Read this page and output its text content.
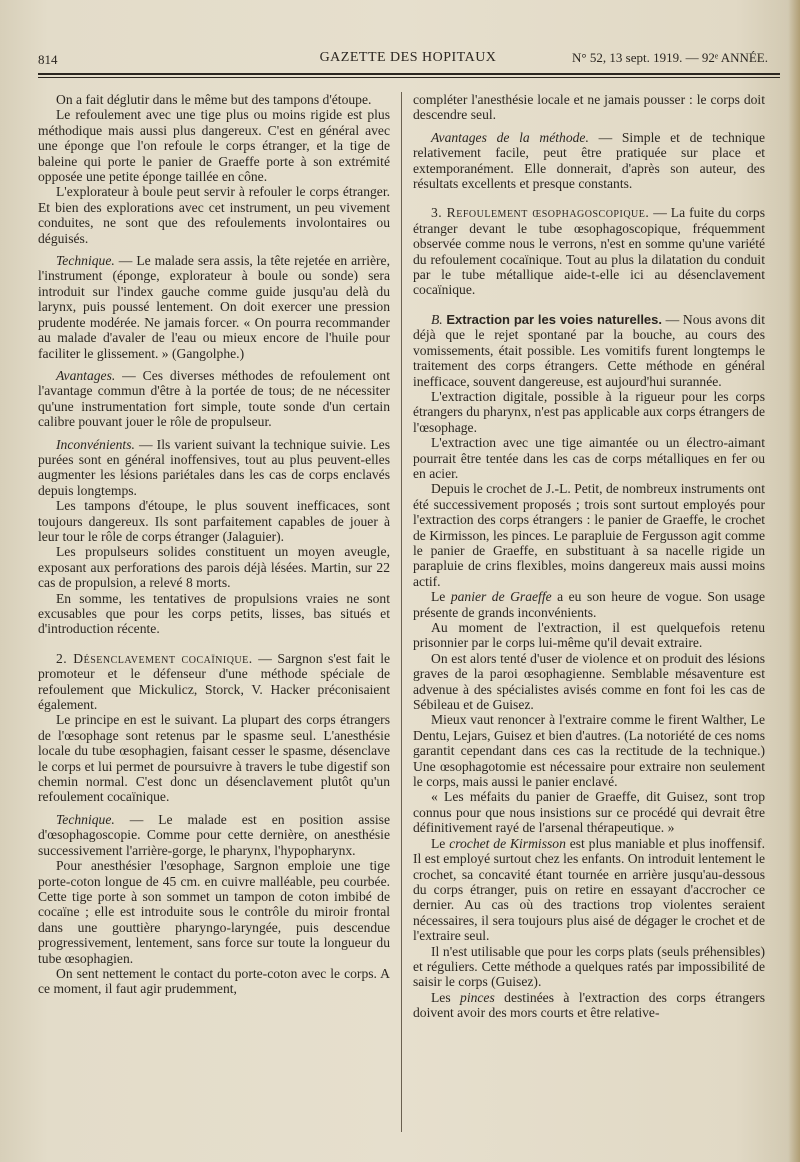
814	GAZETTE DES HOPITAUX	N° 52, 13 sept. 1919. — 92ᵉ ANNÉE.

On a fait déglutir dans le même but des tampons d'étoupe.

Le refoulement avec une tige plus ou moins rigide est plus méthodique mais aussi plus dangereux. C'est en général avec une éponge que l'on refoule le corps étranger, et la tige de baleine qui porte le panier de Graeffe porte à son extrémité opposée une petite éponge taillée en cône.

L'explorateur à boule peut servir à refouler le corps étranger. Et bien des explorations avec cet instrument, un peu vivement conduites, ne sont que des refoulements involontaires ou déguisés.

Technique. — Le malade sera assis, la tête rejetée en arrière, l'instrument (éponge, explorateur à boule ou sonde) sera introduit sur l'index gauche comme guide jusqu'au delà du larynx, puis poussé lentement. On doit exercer une pression prudente modérée. Ne jamais forcer. « On pourra recommander au malade d'avaler de l'eau ou mieux encore de l'huile pour faciliter le glissement. » (Gangolphe.)

Avantages. — Ces diverses méthodes de refoulement ont l'avantage commun d'être à la portée de tous; de ne nécessiter qu'une instrumentation fort simple, toute sonde d'un certain calibre pouvant jouer le rôle de propulseur.

Inconvénients. — Ils varient suivant la technique suivie. Les purées sont en général inoffensives, tout au plus peuvent-elles augmenter les lésions pariétales dans les cas de corps enclavés depuis longtemps.

Les tampons d'étoupe, le plus souvent inefficaces, sont toujours dangereux. Ils sont parfaitement capables de jouer à leur tour le rôle de corps étranger (Jalaguier).

Les propulseurs solides constituent un moyen aveugle, exposant aux perforations des parois déjà lésées. Martin, sur 22 cas de propulsion, a relevé 8 morts.

En somme, les tentatives de propulsions vraies ne sont excusables que pour les corps petits, lisses, bas situés et d'introduction récente.

2. Désenclavement cocaïnique. — Sargnon s'est fait le promoteur et le défenseur d'une méthode spéciale de refoulement que Mickulicz, Storck, V. Hacker préconisaient également.

Le principe en est le suivant. La plupart des corps étrangers de l'œsophage sont retenus par le spasme seul. L'anesthésie locale du tube œsophagien, faisant cesser le spasme, désenclave le corps et lui permet de poursuivre à travers le tube digestif son chemin normal. C'est donc un désenclavement plutôt qu'un refoulement cocaïnique.

Technique. — Le malade est en position assise d'œsophagoscopie. Comme pour cette dernière, on anesthésie successivement l'arrière-gorge, le pharynx, l'hypopharynx.

Pour anesthésier l'œsophage, Sargnon emploie une tige porte-coton longue de 45 cm. en cuivre malléable, peu courbée. Cette tige porte à son sommet un tampon de coton imbibé de cocaïne ; elle est introduite sous le contrôle du miroir frontal dans une gouttière pharyngo-laryngée, puis descendue progressivement, lentement, sans force sur toute la longueur du tube œsophagien.

On sent nettement le contact du porte-coton avec le corps. A ce moment, il faut agir prudemment,

compléter l'anesthésie locale et ne jamais pousser : le corps doit descendre seul.

Avantages de la méthode. — Simple et de technique relativement facile, peut être pratiquée sur place et extemporanément. Elle donnerait, d'après son auteur, des résultats excellents et presque constants.

3. Refoulement œsophagoscopique. — La fuite du corps étranger devant le tube œsophagoscopique, fréquemment observée comme nous le verrons, n'est en somme qu'une variété du refoulement cocaïnique. Tout au plus la dilatation du conduit par le tube métallique aide-t-elle ici au désenclavement cocaïnique.

B. Extraction par les voies naturelles. — Nous avons dit déjà que le rejet spontané par la bouche, au cours des vomissements, était possible. Les vomitifs furent longtemps le traitement des corps étrangers. Cette méthode en général inefficace, souvent dangereuse, est aujourd'hui surannée.

L'extraction digitale, possible à la rigueur pour les corps étrangers du pharynx, n'est pas applicable aux corps étrangers de l'œsophage.

L'extraction avec une tige aimantée ou un électro-aimant pourrait être tentée dans les cas de corps métalliques en fer ou en acier.

Depuis le crochet de J.-L. Petit, de nombreux instruments ont été successivement proposés ; trois sont surtout employés pour l'extraction des corps étrangers : le panier de Graeffe, le crochet de Kirmisson, les pinces. Le parapluie de Fergusson agit comme le panier de Graeffe, en substituant à sa nacelle rigide un parapluie de crins flexibles, moins dangereux mais aussi moins actif.

Le panier de Graeffe a eu son heure de vogue. Son usage présente de grands inconvénients.

Au moment de l'extraction, il est quelquefois retenu prisonnier par le corps lui-même qu'il devait extraire.

On est alors tenté d'user de violence et on produit des lésions graves de la paroi œsophagienne. Semblable mésaventure est advenue à des spécialistes avisés comme en font foi les cas de Sébileau et de Guisez.

Mieux vaut renoncer à l'extraire comme le firent Walther, Le Dentu, Lejars, Guisez et bien d'autres. (La notoriété de ces noms garantit cependant dans ces cas la rectitude de la technique.) Une œsophagotomie est nécessaire pour extraire non seulement le corps, mais aussi le panier enclavé.

« Les méfaits du panier de Graeffe, dit Guisez, sont trop connus pour que nous insistions sur ce procédé qui devrait être définitivement rayé de l'arsenal thérapeutique. »

Le crochet de Kirmisson est plus maniable et plus inoffensif. Il est employé surtout chez les enfants. On introduit lentement le crochet, sa concavité étant tournée en arrière jusqu'au-dessous du corps étranger, puis on retire en essayant d'accrocher ce dernier. Au cas où des tractions trop violentes seraient nécessaires, il sera toujours plus aisé de dégager le crochet et de l'extraire seul.

Il n'est utilisable que pour les corps plats (seuls préhensibles) et réguliers. Cette méthode a quelques ratés par impossibilité de saisir le corps (Guisez).

Les pinces destinées à l'extraction des corps étrangers doivent avoir des mors courts et être relative-
